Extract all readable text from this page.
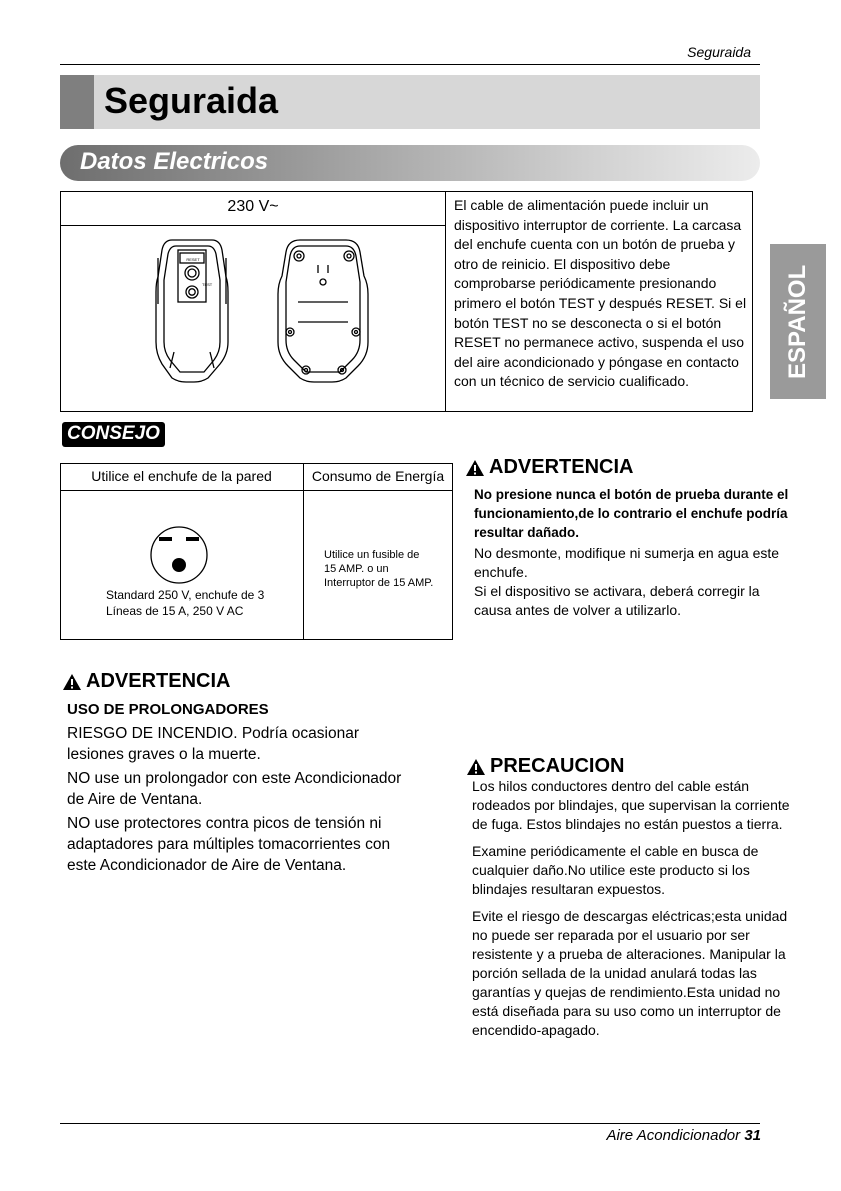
Seguraida
Seguraida
Datos Electricos
230 V~
RESET
TEST
El cable de alimentación puede incluir un dispositivo interruptor de corriente. La carcasa del enchufe cuenta con un botón de prueba y otro de reinicio. El dispositivo debe comprobarse periódicamente presionando primero el botón TEST y después RESET. Si el botón TEST no se desconecta o si el botón RESET no permanece activo, suspenda el uso del aire acondicionado y póngase en contacto con un técnico de servicio cualificado.
ESPAÑOL
CONSEJO
Utilice el enchufe de la pared	Consumo de Energía
Standard 250 V, enchufe de 3
Líneas de 15 A, 250 V AC
Utilice un fusible de
15 AMP. o un
Interruptor de 15 AMP.
ADVERTENCIA
No presione nunca el botón de prueba durante el funcionamiento,de lo contrario el enchufe podría resultar dañado.
No desmonte, modifique ni sumerja en agua este enchufe.
Si el dispositivo se activara, deberá corregir la causa antes de volver a utilizarlo.
ADVERTENCIA
USO DE PROLONGADORES
RIESGO DE INCENDIO. Podría ocasionar lesiones graves o la muerte.
NO use un prolongador con este Acondicionador de Aire de Ventana.
NO use protectores contra picos de tensión ni adaptadores para múltiples tomacorrientes con este Acondicionador de Aire de Ventana.
PRECAUCION

Los hilos conductores dentro del cable están rodeados por blindajes, que supervisan la corriente de fuga. Estos blindajes no están puestos a tierra.

Examine periódicamente el cable en busca de cualquier daño.No utilice este producto si los blindajes resultaran expuestos.

Evite el riesgo de descargas eléctricas;esta unidad no puede ser reparada por el usuario por ser resistente y a prueba de alteraciones. Manipular la porción sellada de la unidad anulará todas las garantías y quejas de rendimiento.Esta unidad no está diseñada para su uso como un interruptor de encendido-apagado.

Aire Acondicionador 31
